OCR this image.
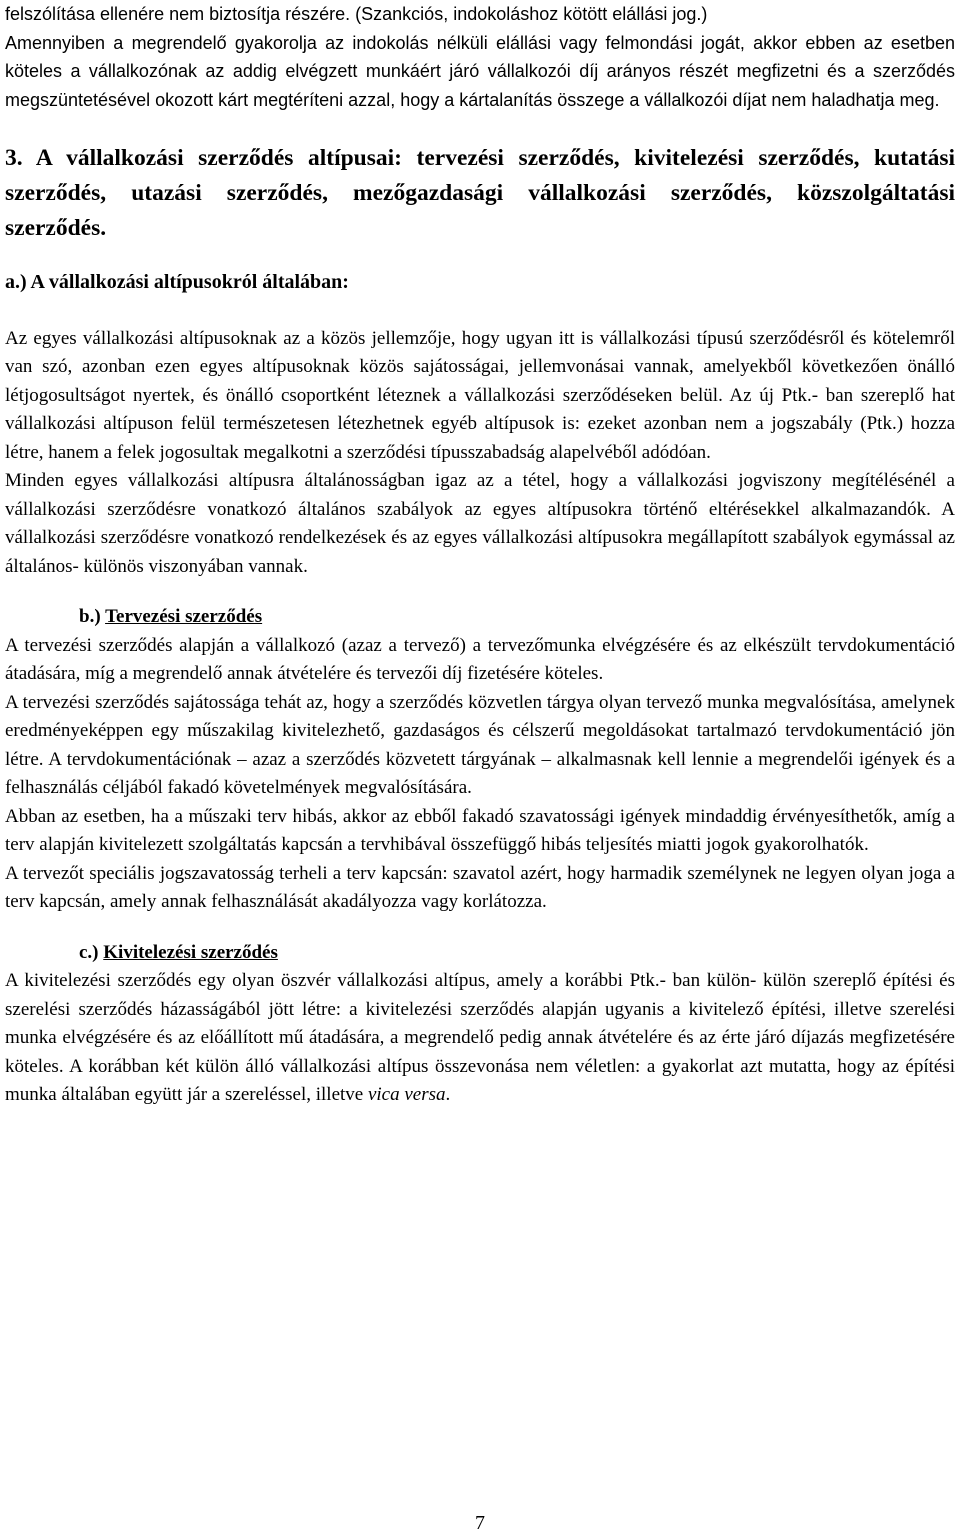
felszólítása ellenére nem biztosítja részére. (Szankciós, indokoláshoz kötött elállási jog.)

Amennyiben a megrendelő gyakorolja az indokolás nélküli elállási vagy felmondási jogát, akkor ebben az esetben köteles a vállalkozónak az addig elvégzett munkáért járó vállalkozói díj arányos részét megfizetni és a szerződés megszüntetésével okozott kárt megtéríteni azzal, hogy a kártalanítás összege a vállalkozói díjat nem haladhatja meg.

3. A vállalkozási szerződés altípusai: tervezési szerződés, kivitelezési szerződés, kutatási szerződés, utazási szerződés, mezőgazdasági vállalkozási szerződés, közszolgáltatási szerződés.

a.) A vállalkozási altípusokról általában:

Az egyes vállalkozási altípusoknak az a közös jellemzője, hogy ugyan itt is vállalkozási típusú szerződésről és kötelemről van szó, azonban ezen egyes altípusoknak közös sajátosságai, jellemvonásai vannak, amelyekből következően önálló létjogosultságot nyertek, és önálló csoportként léteznek a vállalkozási szerződéseken belül. Az új Ptk.- ban szereplő hat vállalkozási altípuson felül természetesen létezhetnek egyéb altípusok is: ezeket azonban nem a jogszabály (Ptk.) hozza létre, hanem a felek jogosultak megalkotni a szerződési típusszabadság alapelvéből adódóan.

Minden egyes vállalkozási altípusra általánosságban igaz az a tétel, hogy a vállalkozási jogviszony megítélésénél a vállalkozási szerződésre vonatkozó általános szabályok az egyes altípusokra történő eltérésekkel alkalmazandók. A vállalkozási szerződésre vonatkozó rendelkezések és az egyes vállalkozási altípusokra megállapított szabályok egymással az általános- különös viszonyában vannak.

b.) Tervezési szerződés

A tervezési szerződés alapján a vállalkozó (azaz a tervező) a tervezőmunka elvégzésére és az elkészült tervdokumentáció átadására, míg a megrendelő annak átvételére és tervezői díj fizetésére köteles.

A tervezési szerződés sajátossága tehát az, hogy a szerződés közvetlen tárgya olyan tervező munka megvalósítása, amelynek eredményeképpen egy műszakilag kivitelezhető, gazdaságos és célszerű megoldásokat tartalmazó tervdokumentáció jön létre. A tervdokumentációnak – azaz a szerződés közvetett tárgyának – alkalmasnak kell lennie a megrendelői igények és a felhasználás céljából fakadó követelmények megvalósítására.

Abban az esetben, ha a műszaki terv hibás, akkor az ebből fakadó szavatossági igények mindaddig érvényesíthetők, amíg a terv alapján kivitelezett szolgáltatás kapcsán a tervhibával összefüggő hibás teljesítés miatti jogok gyakorolhatók.

A tervezőt speciális jogszavatosság terheli a terv kapcsán: szavatol azért, hogy harmadik személynek ne legyen olyan joga a terv kapcsán, amely annak felhasználását akadályozza vagy korlátozza.

c.) Kivitelezési szerződés

A kivitelezési szerződés egy olyan öszvér vállalkozási altípus, amely a korábbi Ptk.- ban külön- külön szereplő építési és szerelési szerződés házasságából jött létre: a kivitelezési szerződés alapján ugyanis a kivitelező építési, illetve szerelési munka elvégzésére és az előállított mű átadására, a megrendelő pedig annak átvételére és az érte járó díjazás megfizetésére köteles. A korábban két külön álló vállalkozási altípus összevonása nem véletlen: a gyakorlat azt mutatta, hogy az építési munka általában együtt jár a szereléssel, illetve vica versa.

7
